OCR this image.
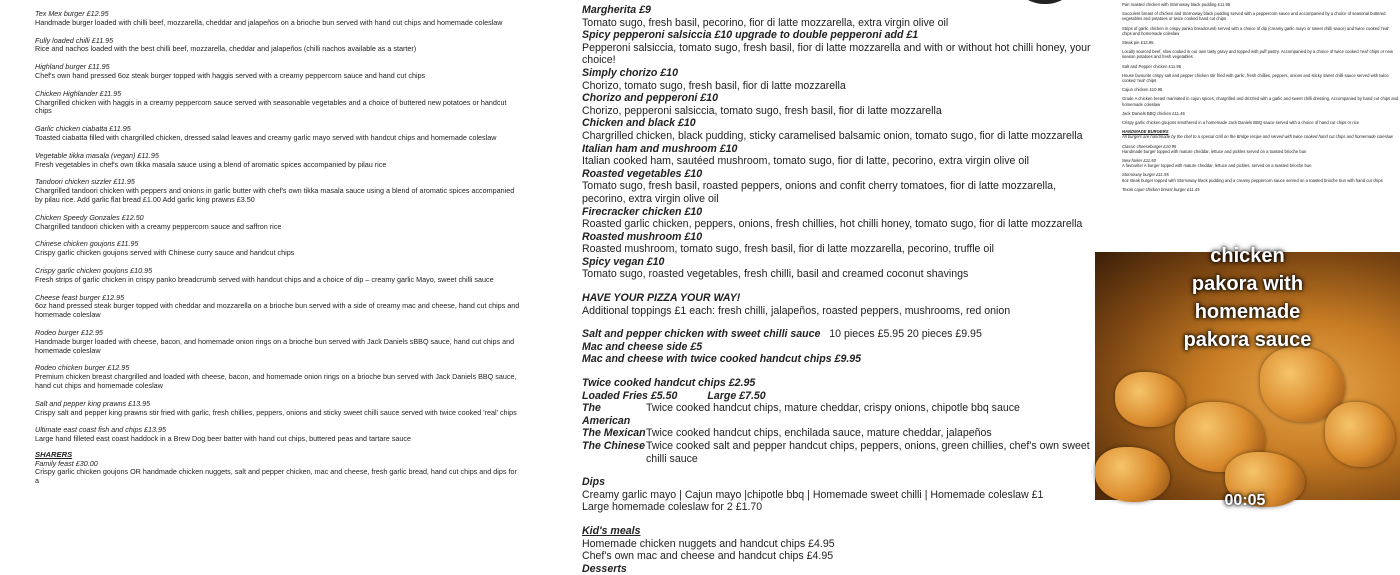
Tex Mex burger £12.95
Handmade burger loaded with chilli beef, mozzarella, cheddar and jalapeños on a brioche bun served with hand cut chips and homemade coleslaw
Fully loaded chilli £11.95
Rice and nachos loaded with the best chilli beef, mozzarella, cheddar and jalapeños (chilli nachos available as a starter)
Highland burger £11.95
Chef's own hand pressed 6oz steak burger topped with haggis served with a creamy peppercorn sauce and hand cut chips
Chicken Highlander £11.95
Chargrilled chicken with haggis in a creamy peppercorn sauce served with seasonable vegetables and a choice of buttered new potatoes or handcut chips
Garlic chicken ciabatta £11.95
Toasted ciabatta filled with chargrilled chicken, dressed salad leaves and creamy garlic mayo served with handcut chips and homemade coleslaw
Vegetable tikka masala (vegan) £11.95
Fresh vegetables in chef's own tikka masala sauce using a blend of aromatic spices accompanied by pilau rice
Tandoori chicken sizzler £11.95
Chargrilled tandoori chicken with peppers and onions in garlic butter with chef's own tikka masala sauce using a blend of aromatic spices accompanied by pilau rice. Add garlic flat bread £1.00 Add garlic king prawns £3.50
Chicken Speedy Gonzales £12.50
Chargrilled tandoori chicken with a creamy peppercorn sauce and saffron rice
Chinese chicken goujons £11.95
Crispy garlic chicken goujons served with Chinese curry sauce and handcut chips
Crispy garlic chicken goujons £10.95
Fresh strips of garlic chicken in crispy panko breadcrumb served with handcut chips and a choice of dip – creamy garlic Mayo, sweet chilli sauce
Cheese feast burger £12.95
6oz hand pressed steak burger topped with cheddar and mozzarella on a brioche bun served with a side of creamy mac and cheese, hand cut chips and homemade coleslaw
Rodeo burger £12.95
Handmade burger loaded with cheese, bacon, and homemade onion rings on a brioche bun served with Jack Daniels sBBQ sauce, hand cut chips and homemade coleslaw
Rodeo chicken burger £12.95
Premium chicken breast chargrilled and loaded with cheese, bacon, and homemade onion rings on a brioche bun served with Jack Daniels BBQ sauce, hand cut chips and homemade coleslaw
Salt and pepper king prawns £13.95
Crispy salt and pepper king prawns stir fried with garlic, fresh chillies, peppers, onions and sticky sweet chilli sauce served with twice cooked 'real' chips
Ultimate east coast fish and chips £13.95
Large hand filleted east coast haddock in a Brew Dog beer batter with hand cut chips, buttered peas and tartare sauce
SHARERS
Family feast £30.00
Crispy garlic chicken goujons OR handmade chicken nuggets, salt and pepper chicken, mac and cheese, fresh garlic bread, hand cut chips and dips for a
Margherita £9
Tomato sugo, fresh basil, pecorino, fior di latte mozzarella, extra virgin olive oil
Spicy pepperoni salsiccia £10 upgrade to double pepperoni add £1
Pepperoni salsiccia, tomato sugo, fresh basil, fior di latte mozzarella and with or without hot chilli honey, your choice!
Simply chorizo £10
Chorizo, tomato sugo, fresh basil, fior di latte mozzarella
Chorizo and pepperoni £10
Chorizo, pepperoni salsiccia, tomato sugo, fresh basil, fior di latte mozzarella
Chicken and black £10
Chargrilled chicken, black pudding, sticky caramelised balsamic onion, tomato sugo, fior di latte mozzarella
Italian ham and mushroom £10
Italian cooked ham, sautéed mushroom, tomato sugo, fior di latte, pecorino, extra virgin olive oil
Roasted vegetables £10
Tomato sugo, fresh basil, roasted peppers, onions and confit cherry tomatoes, fior di latte mozzarella, pecorino, extra virgin olive oil
Firecracker chicken £10
Roasted garlic chicken, peppers, onions, fresh chillies, hot chilli honey, tomato sugo, fior di latte mozzarella
Roasted mushroom £10
Roasted mushroom, tomato sugo, fresh basil, fior di latte mozzarella, pecorino, truffle oil
Spicy vegan £10
Tomato sugo, roasted vegetables, fresh chilli, basil and creamed coconut shavings
HAVE YOUR PIZZA YOUR WAY!
Additional toppings £1 each: fresh chilli, jalapeños, roasted peppers, mushrooms, red onion
Salt and pepper chicken with sweet chilli sauce 10 pieces £5.95 20 pieces £9.95
Mac and cheese side £5
Mac and cheese with twice cooked handcut chips £9.95
Twice cooked handcut chips £2.95
Loaded Fries £5.50	Large £7.50
The American
Twice cooked handcut chips, mature cheddar, crispy onions, chipotle bbq sauce
The Mexican Twice cooked handcut chips, enchilada sauce, mature cheddar, jalapeños
The Chinese Twice cooked salt and pepper handcut chips, peppers, onions, green chillies, chef's own sweet chilli sauce
Dips
Creamy garlic mayo | Cajun mayo |chipotle bbq | Homemade sweet chilli | Homemade coleslaw £1
Large homemade coleslaw for 2 £1.70
Kid's meals
Homemade chicken nuggets and handcut chips £4.95
Chef's own mac and cheese and handcut chips £4.95
Desserts
Pan roasted chicken with Stornoway black pudding £11.95
Succulent breast of chicken and Stornoway black pudding served with a peppercorn sauce and accompanied by a choice of seasonal buttered vegetables and potatoes or twice cooked hand cut chips
Strips of garlic chicken in crispy panko breadcrumb served with a choice of dip (creamy garlic mayo or sweet chilli sauce) and twice cooked 'real' chips and homemade coleslaw
Steak pie £13.95
Locally sourced beef, slow cooked in our own tasty gravy and topped with puff pastry. Accompanied by a choice of twice cooked 'real' chips or new season potatoes and fresh vegetables
Salt and Pepper chicken £11.95
House favourite crispy salt and pepper chicken stir fried with garlic, fresh chillies, peppers, onions and sticky sweet chilli sauce served with twice cooked 'real' chips
Cajun chicken £10.95
Grade A chicken breast marinated in cajun spices, chargrilled and drizzled with a garlic and sweet chilli dressing. Accompanied by hand cut chips and homemade coleslaw
Jack Daniels BBQ chicken £11.45
Crispy garlic chicken goujons smothered in a homemade Jack Daniels BBQ sauce served with a choice of hand cut chips or rice
HANDMADE BURGERS
All burgers are handmade by the chef to a special Grill on the Bridge recipe and served with twice cooked hand cut chips and homemade coleslaw
Classic cheeseburger £10.95
Handmade burger topped with mature cheddar, lettuce and pickles served on a toasted brioche bun
New forker £11.50
A favourite! A burger topped with mature cheddar, lettuce and pickles, served on a toasted brioche bun
Stornoway burger £11.95
6oz steak burger topped with Stornoway black pudding and a creamy peppercorn sauce served on a toasted brioche bun with hand cut chips
Texan cajun chicken breast burger £11.45
chicken
pakora with
homemade
pakora sauce
00:05
